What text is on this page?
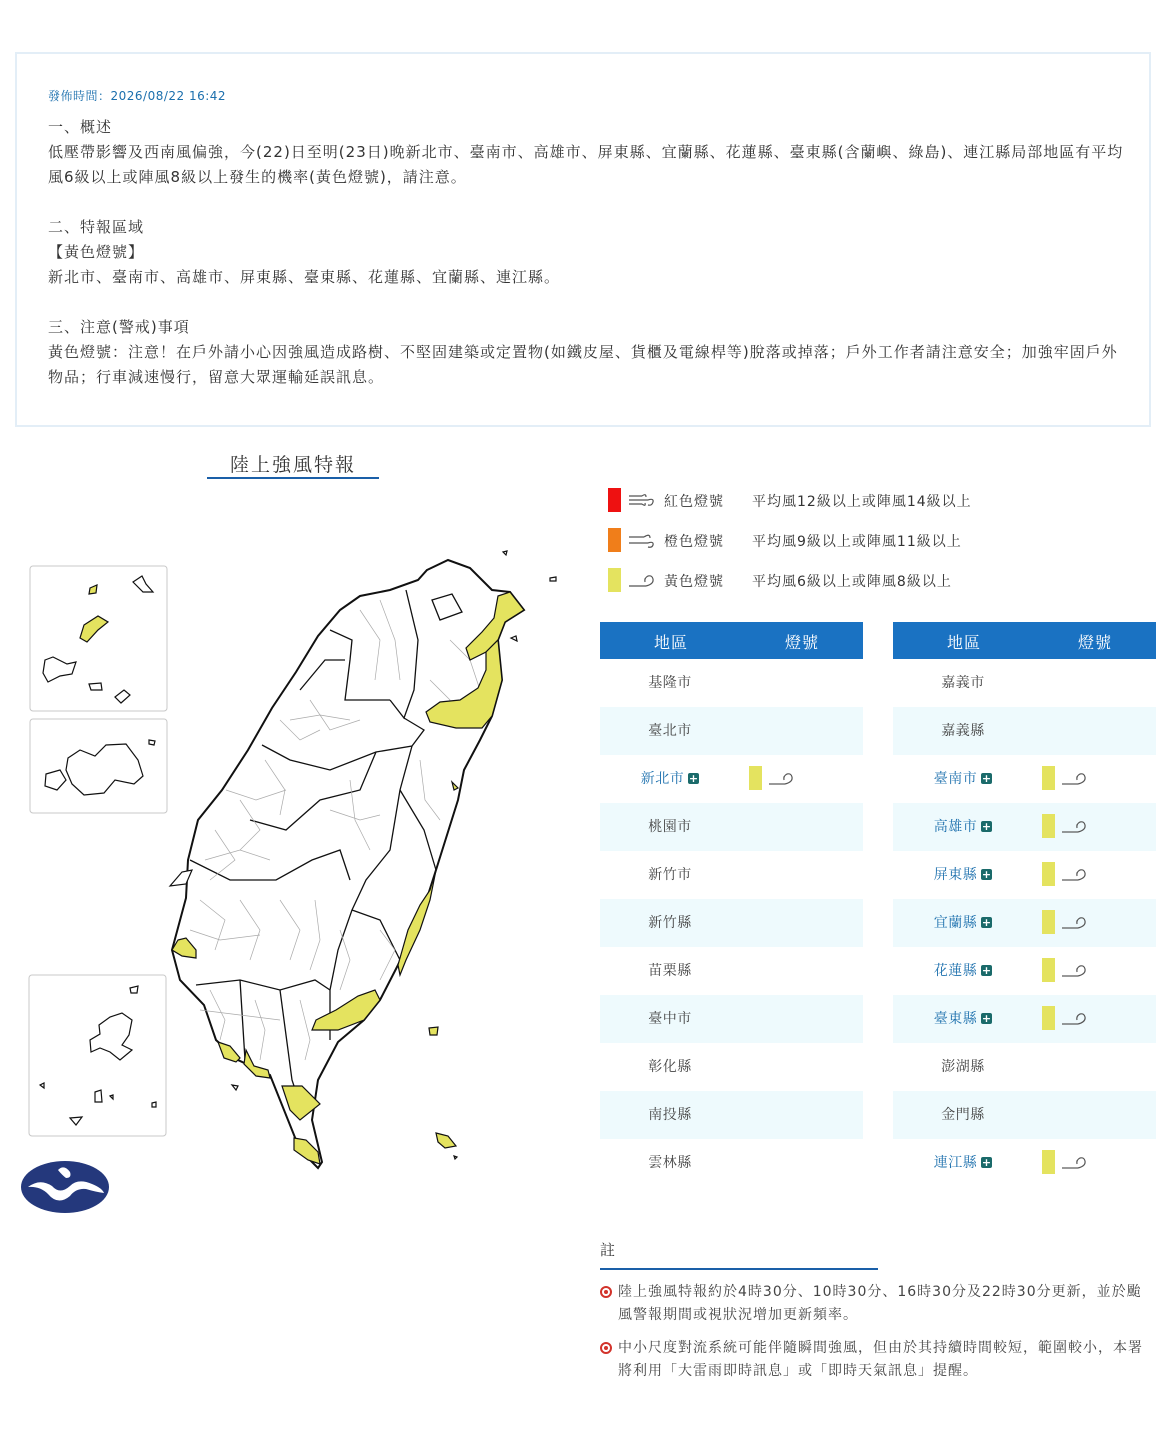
發佈時間：2026/08/22 16:42

一、概述

低壓帶影響及西南風偏強，今(22)日至明(23日)晚新北市、臺南市、高雄市、屏東縣、宜蘭縣、花蓮縣、臺東縣(含蘭嶼、綠島)、連江縣局部地區有平均風6級以上或陣風8級以上發生的機率(黃色燈號)，請注意。

二、特報區域

【黃色燈號】

新北市、臺南市、高雄市、屏東縣、臺東縣、花蓮縣、宜蘭縣、連江縣。

三、注意(警戒)事項

黃色燈號：注意！在戶外請小心因強風造成路樹、不堅固建築或定置物(如鐵皮屋、貨櫃及電線桿等)脫落或掉落；戶外工作者請注意安全；加強牢固戶外物品；行車減速慢行，留意大眾運輸延誤訊息。

陸上強風特報
紅色燈號 平均風12級以上或陣風14級以上
橙色燈號 平均風9級以上或陣風11級以上
黃色燈號 平均風6級以上或陣風8級以上
地區	燈號
基隆市
臺北市
新北市 +
桃園市
新竹市
新竹縣
苗栗縣
臺中市
彰化縣
南投縣
雲林縣
地區	燈號
嘉義市
嘉義縣
臺南市 +
高雄市 +
屏東縣 +
宜蘭縣 +
花蓮縣 +
臺東縣 +
澎湖縣
金門縣
連江縣 +
註
陸上強風特報約於4時30分、10時30分、16時30分及22時30分更新，並於颱風警報期間或視狀況增加更新頻率。
中小尺度對流系統可能伴隨瞬間強風，但由於其持續時間較短，範圍較小，本署將利用「大雷雨即時訊息」或「即時天氣訊息」提醒。
